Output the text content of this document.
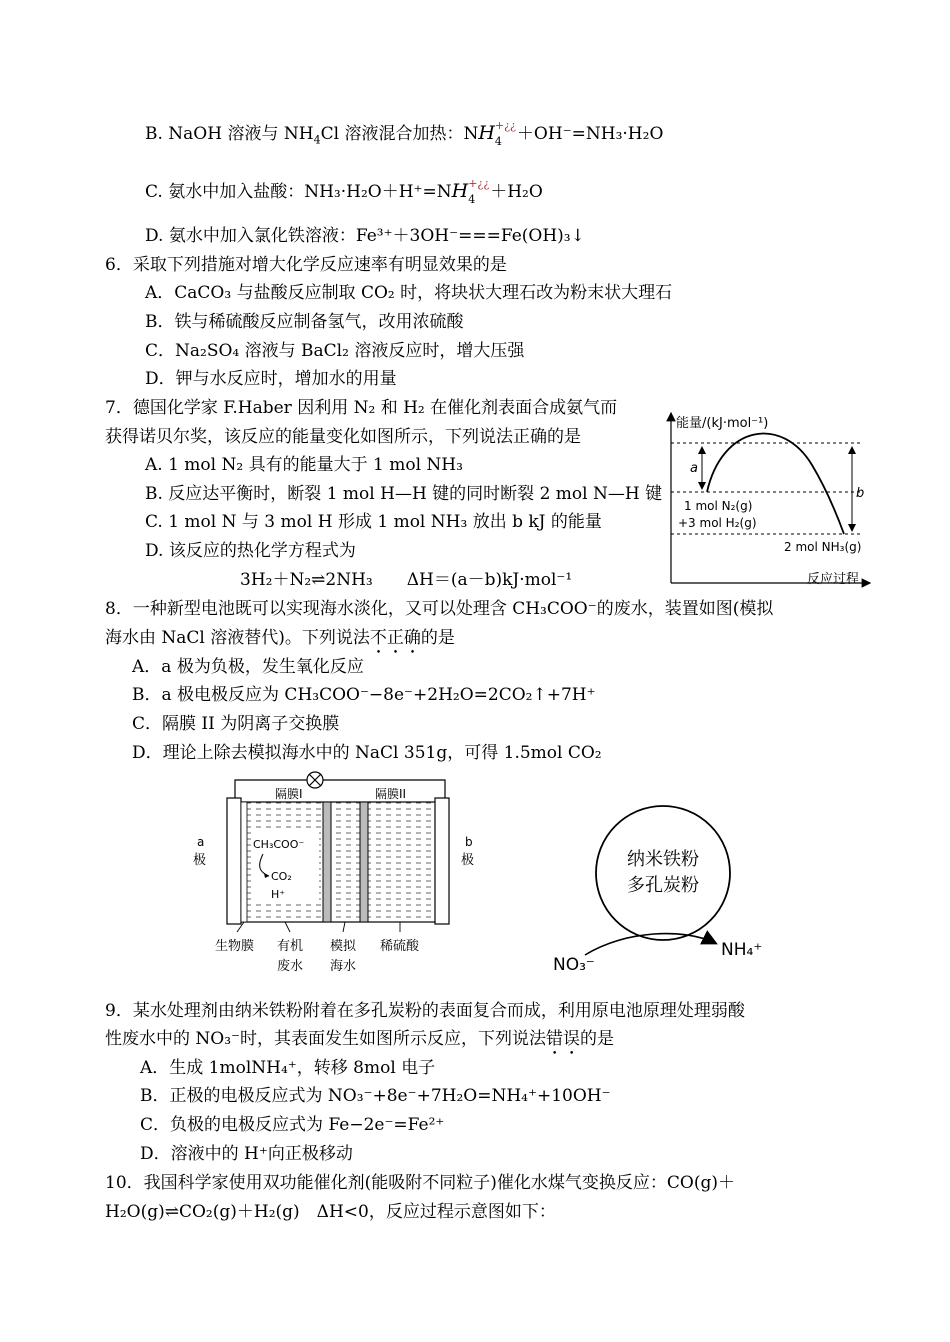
B. NaOH 溶液与 $NH_4Cl$ 溶液混合加热：NH +¿¿
4 ＋OH⁻=NH₃·H₂O
C. 氨水中加入盐酸：NH₃·H₂O＋H⁺=NH +¿¿
4 ＋H₂O
D. 氨水中加入氯化铁溶液：Fe³⁺＋3OH⁻===Fe(OH)₃↓
6．采取下列措施对增大化学反应速率有明显效果的是
A．CaCO₃ 与盐酸反应制取 CO₂ 时，将块状大理石改为粉末状大理石
B．铁与稀硫酸反应制备氢气，改用浓硫酸
C．Na₂SO₄ 溶液与 BaCl₂ 溶液反应时，增大压强
D．钾与水反应时，增加水的用量
7．德国化学家 F.Haber 因利用 N₂ 和 H₂ 在催化剂表面合成氨气而
获得诺贝尔奖，该反应的能量变化如图所示，下列说法正确的是
A. 1 mol N₂ 具有的能量大于 1 mol NH₃
B. 反应达平衡时，断裂 1 mol H—H 键的同时断裂 2 mol N—H 键
C. 1 mol N 与 3 mol H 形成 1 mol NH₃ 放出 b kJ 的能量
D. 该反应的热化学方程式为
3H₂＋N₂⇌2NH₃　　ΔH＝(a－b)kJ·mol⁻¹
能量/(kJ·mol⁻¹)
a
b
1 mol N₂(g)
+3 mol H₂(g)
2 mol NH₃(g)
反应过程
8．一种新型电池既可以实现海水淡化，又可以处理含 CH₃COO⁻的废水，装置如图(模拟
海水由 NaCl 溶液替代)。下列说法不正确的是
A．a 极为负极，发生氧化反应
B．a 极电极反应为 CH₃COO⁻−8e⁻+2H₂O=2CO₂↑+7H⁺
C．隔膜 II 为阴离子交换膜
D．理论上除去模拟海水中的 NaCl 351g，可得 1.5mol CO₂
隔膜I	隔膜II
CH₃COO⁻
CO₂
H⁺
a
极
b
极
生物膜 有机
废水
模拟
海水
稀硫酸
纳米铁粉
多孔炭粉
NO₃⁻
NH₄⁺
9．某水处理剂由纳米铁粉附着在多孔炭粉的表面复合而成，利用原电池原理处理弱酸
性废水中的 NO₃⁻时，其表面发生如图所示反应，下列说法错误的是
A．生成 1molNH₄⁺，转移 8mol 电子
B．正极的电极反应式为 NO₃⁻+8e⁻+7H₂O=NH₄⁺+10OH⁻
C．负极的电极反应式为 Fe−2e⁻=Fe²⁺
D．溶液中的 H⁺向正极移动
10．我国科学家使用双功能催化剂(能吸附不同粒子)催化水煤气变换反应：CO(g)＋
H₂O(g)⇌CO₂(g)＋H₂(g)　ΔH<0，反应过程示意图如下：
